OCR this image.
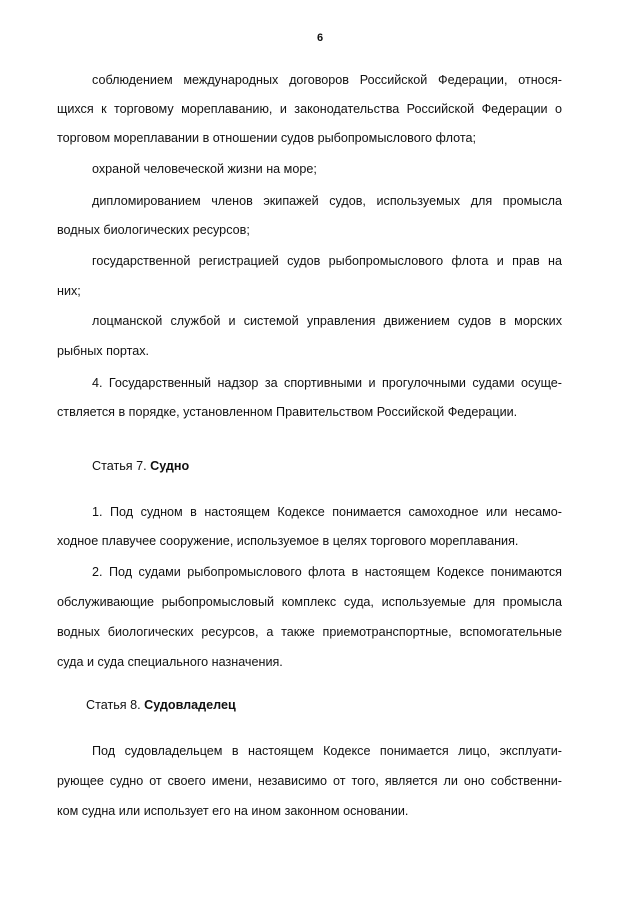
6
соблюдением международных договоров Российской Федерации, относя-
щихся к торговому мореплаванию, и законодательства Российской Федерации о
торговом мореплавании в отношении судов рыбопромыслового флота;
охраной человеческой жизни на море;
дипломированием членов экипажей судов, используемых для промысла
водных биологических ресурсов;
государственной регистрацией судов рыбопромыслового флота и прав на
них;
лоцманской службой и системой управления движением судов в морских
рыбных портах.
4. Государственный надзор за спортивными и прогулочными судами осуще-
ствляется в порядке, установленном Правительством Российской Федерации.
Статья 7. Судно
1. Под судном в настоящем Кодексе понимается самоходное или несамо-
ходное плавучее сооружение, используемое в целях торгового мореплавания.
2. Под судами рыбопромыслового флота в настоящем Кодексе понимаются
обслуживающие рыбопромысловый комплекс суда, используемые для промысла
водных биологических ресурсов, а также приемотранспортные, вспомогательные
суда и суда специального назначения.
Статья 8. Судовладелец
Под судовладельцем в настоящем Кодексе понимается лицо, эксплуати-
рующее судно от своего имени, независимо от того, является ли оно собственни-
ком судна или использует его на ином законном основании.
